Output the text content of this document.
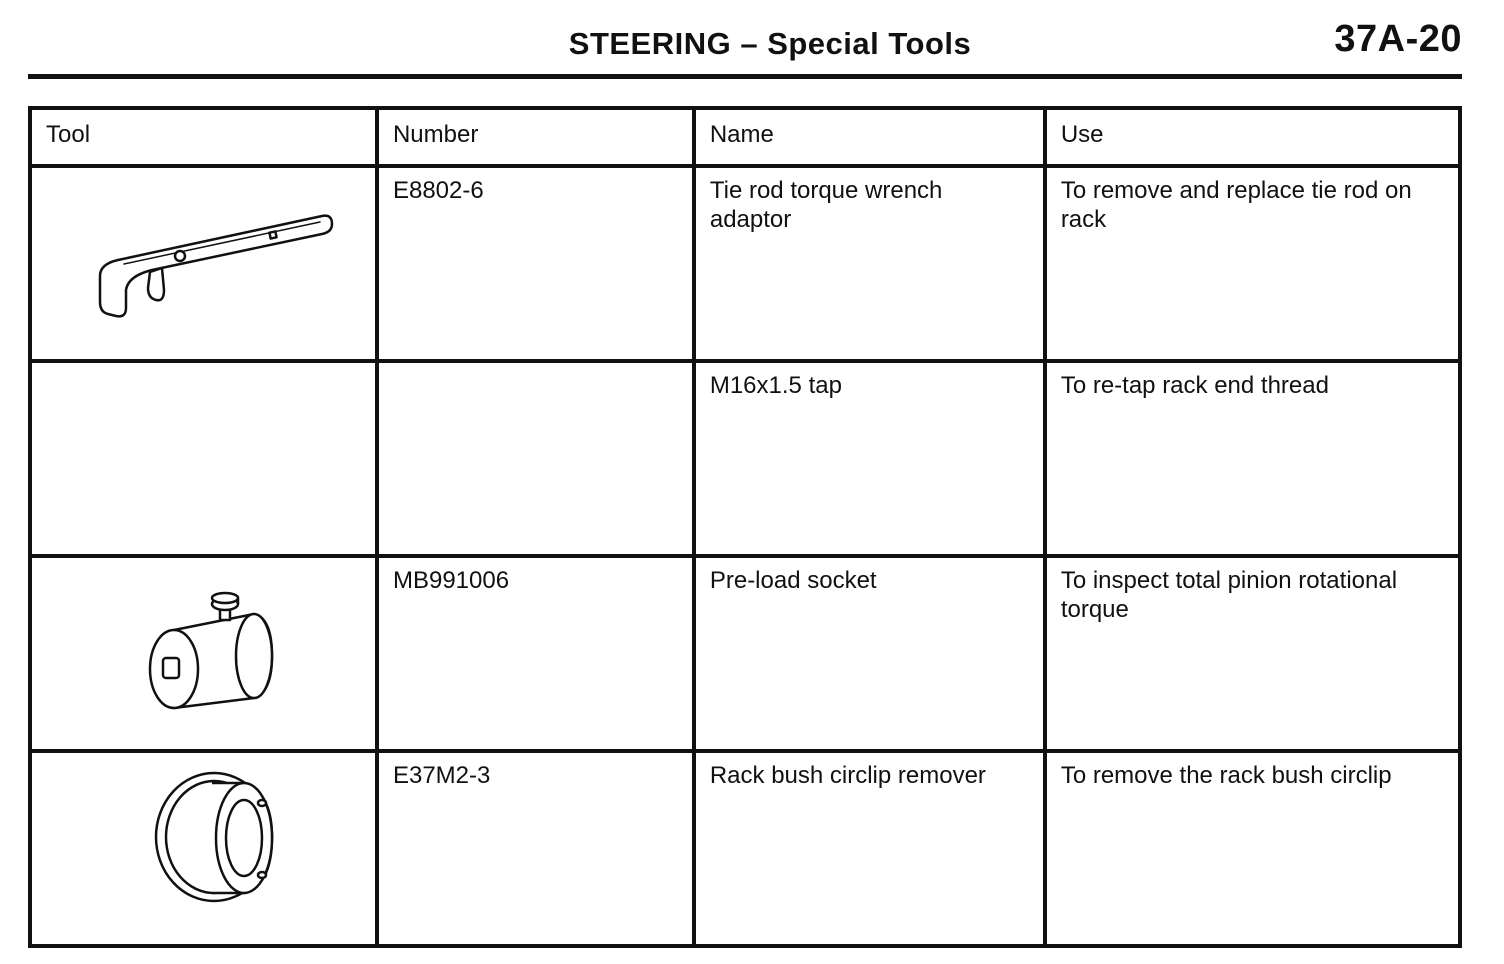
STEERING – Special Tools	37A-20
Tool	Number	Name	Use

	E8802-6	Tie rod torque wrench adaptor	To remove and replace tie rod on rack
		M16x1.5 tap	To re-tap rack end thread

	MB991006	Pre-load socket	To inspect total pinion rotational torque

	E37M2-3	Rack bush circlip remover	To remove the rack bush circlip
